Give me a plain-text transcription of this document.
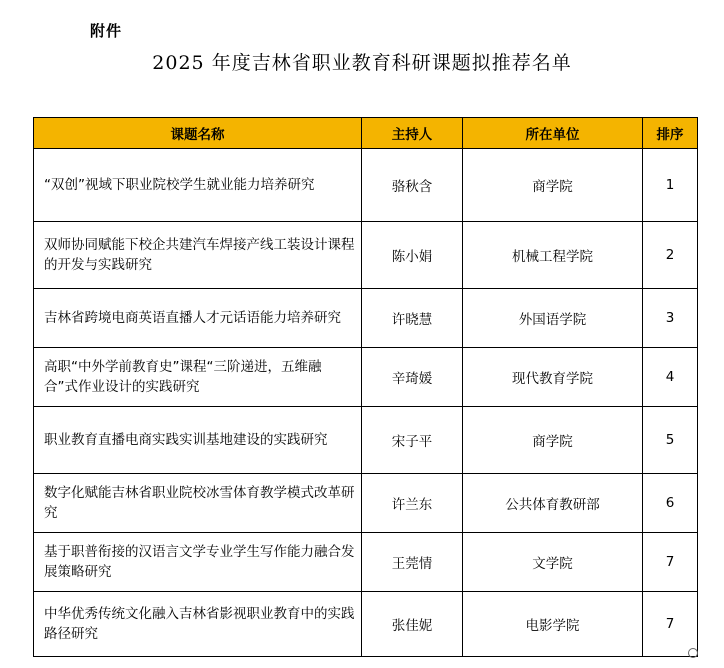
附件
2025 年度吉林省职业教育科研课题拟推荐名单
课题名称	主持人	所在单位	排序
“双创”视域下职业院校学生就业能力培养研究	骆秋含	商学院	1
双师协同赋能下校企共建汽车焊接产线工装设计课程的开发与实践研究	陈小娟	机械工程学院	2
吉林省跨境电商英语直播人才元话语能力培养研究	许晓慧	外国语学院	3
高职“中外学前教育史”课程“三阶递进，五维融合”式作业设计的实践研究	辛琦媛	现代教育学院	4
职业教育直播电商实践实训基地建设的实践研究	宋子平	商学院	5
数字化赋能吉林省职业院校冰雪体育教学模式改革研究	许兰东	公共体育教研部	6
基于职普衔接的汉语言文学专业学生写作能力融合发展策略研究	王莞情	文学院	7
中华优秀传统文化融入吉林省影视职业教育中的实践路径研究	张佳妮	电影学院	7
